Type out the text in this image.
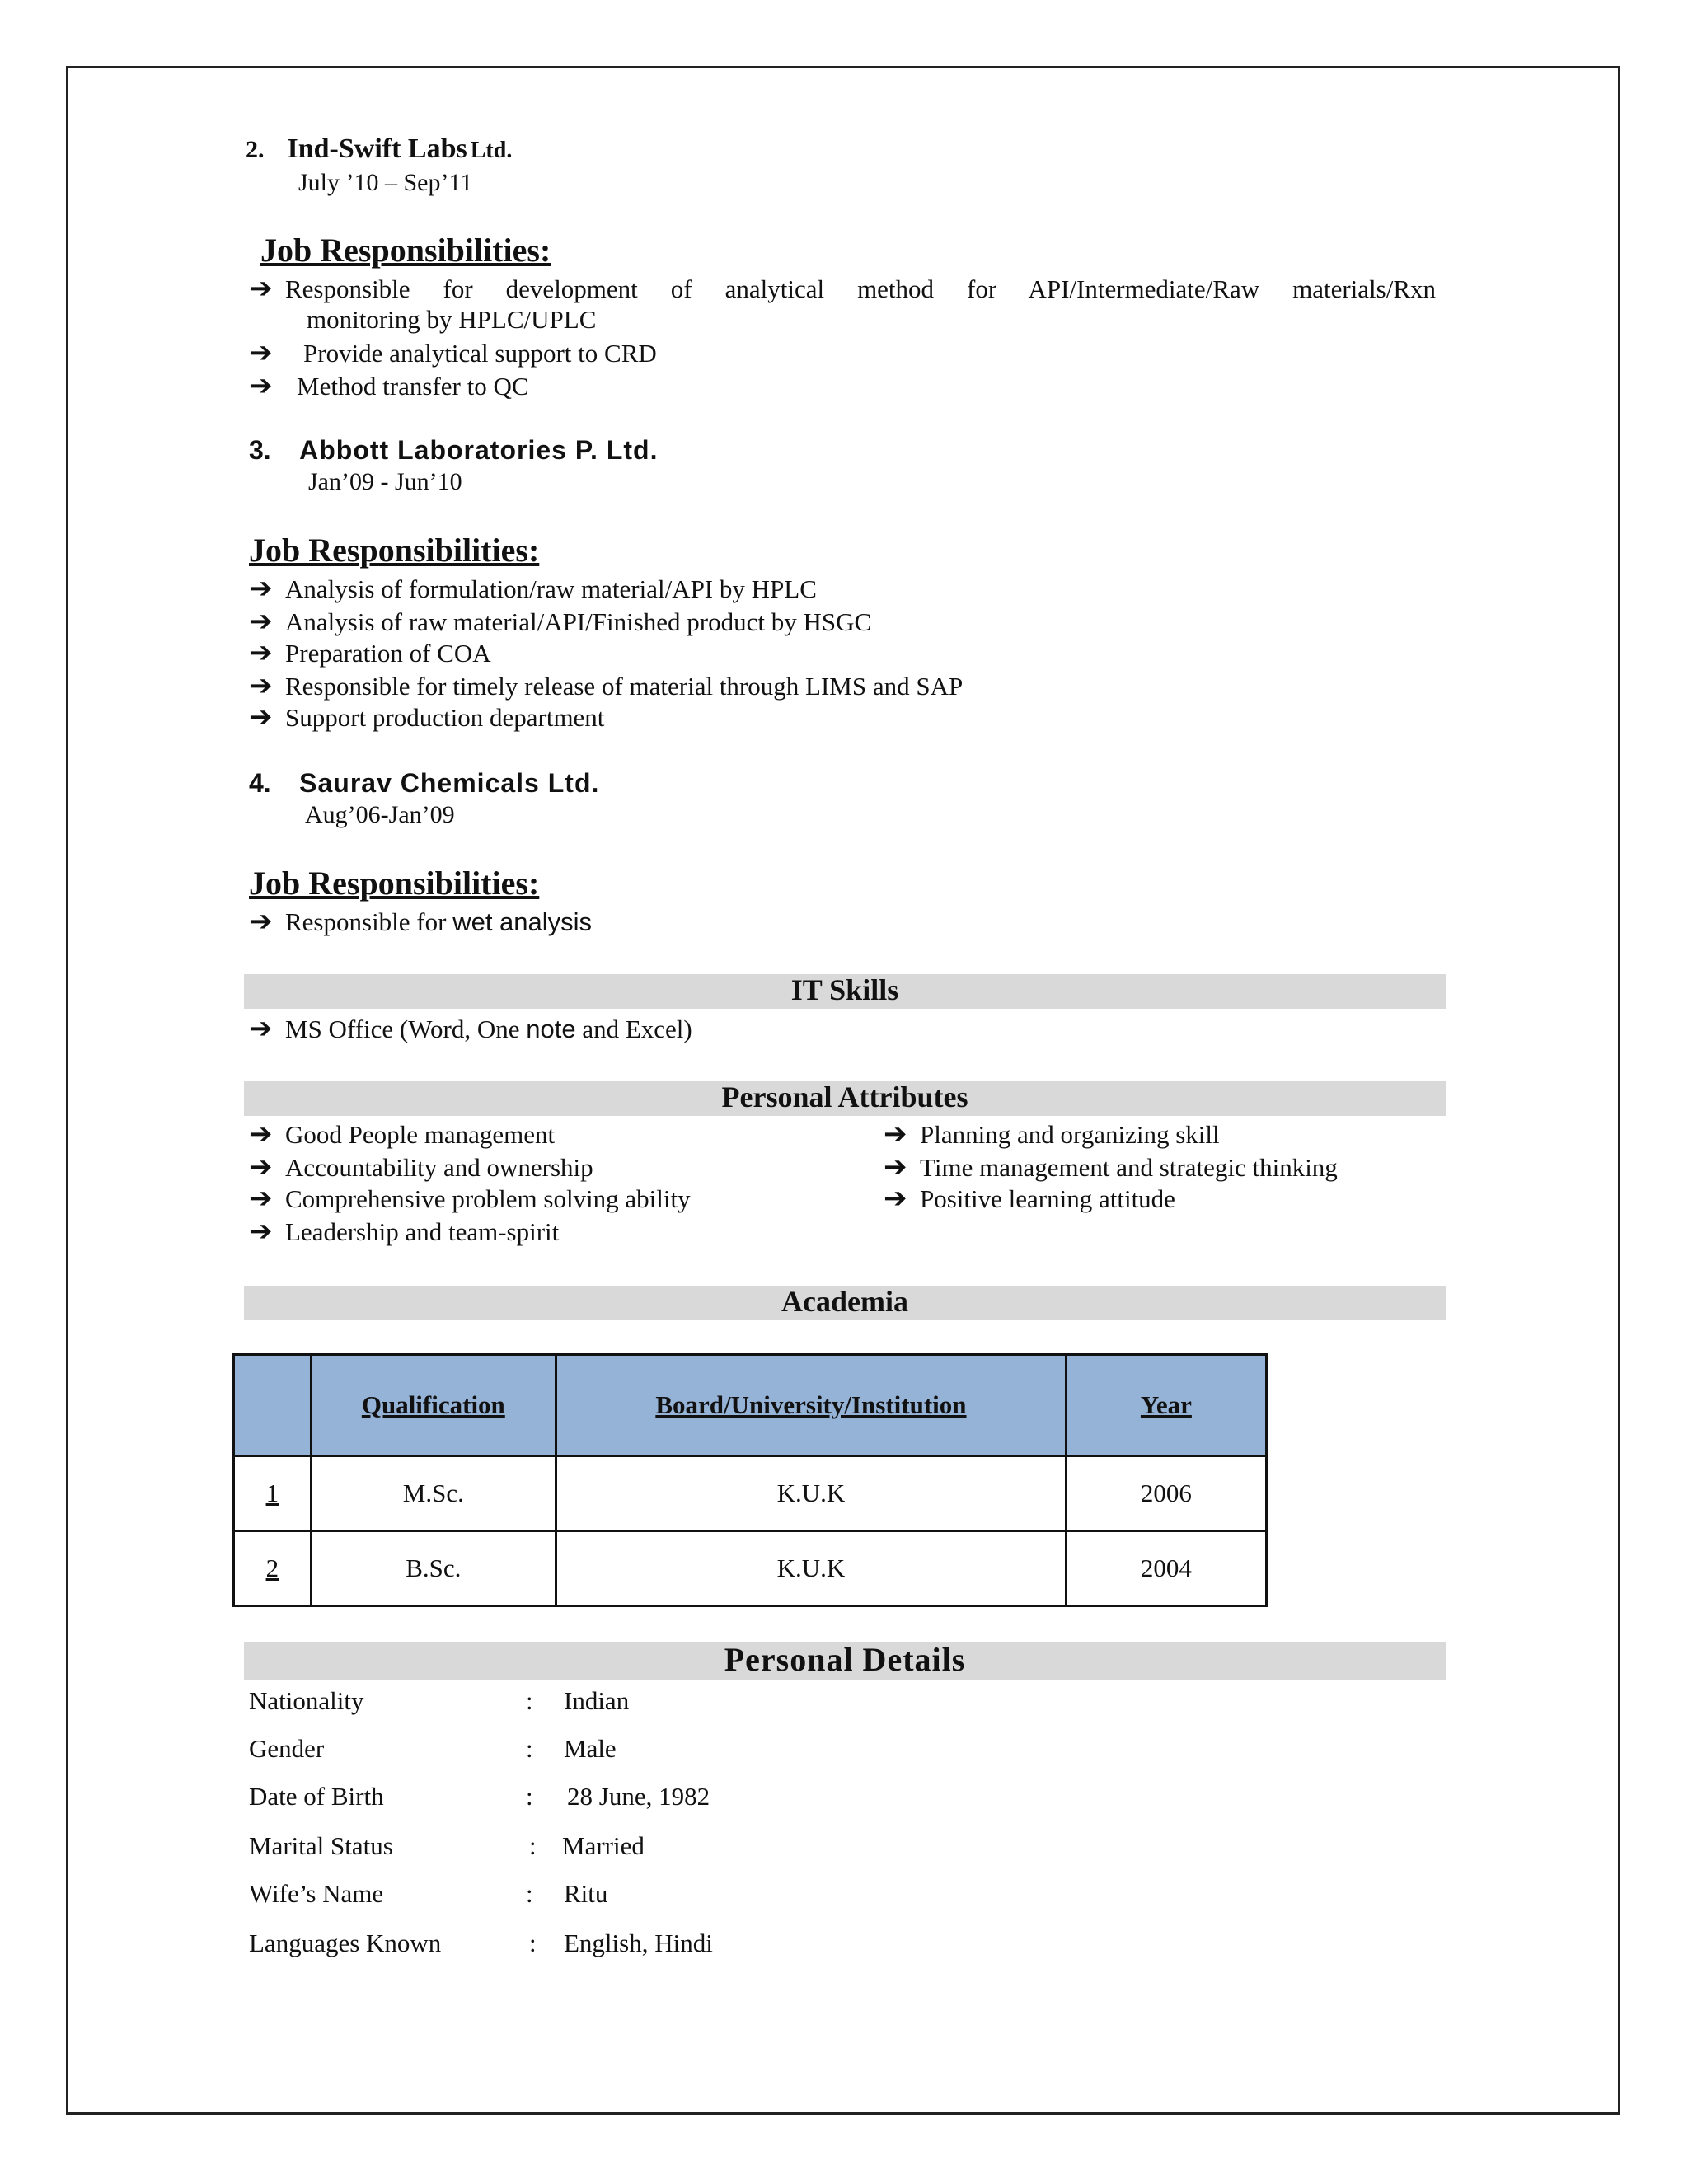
2. Ind-Swift Labs Ltd.
July ’10 – Sep’11
Job Responsibilities:
➔ Responsible for development of analytical method for API/Intermediate/Raw materials/Rxn
monitoring by HPLC/UPLC
➔ Provide analytical support to CRD
➔ Method transfer to QC
3. Abbott Laboratories P. Ltd.
Jan’09 - Jun’10
Job Responsibilities:
➔ Analysis of formulation/raw material/API by HPLC
➔ Analysis of raw material/API/Finished product by HSGC
➔ Preparation of COA
➔ Responsible for timely release of material through LIMS and SAP
➔ Support production department
4. Saurav Chemicals Ltd.
Aug’06-Jan’09
Job Responsibilities:
➔ Responsible for wet analysis
IT Skills
➔ MS Office (Word, One note and Excel)
Personal Attributes
➔ Good People management
➔ Accountability and ownership
➔ Comprehensive problem solving ability
➔ Leadership and team-spirit
➔ Planning and organizing skill
➔ Time management and strategic thinking
➔ Positive learning attitude
Academia
	Qualification	Board/University/Institution	Year
1	M.Sc.	K.U.K	2006
2	B.Sc.	K.U.K	2004
Personal Details
Nationality	: Indian
Gender	: Male
Date of Birth	: 28 June, 1982
Marital Status	: Married
Wife’s Name	: Ritu
Languages Known	: English, Hindi
